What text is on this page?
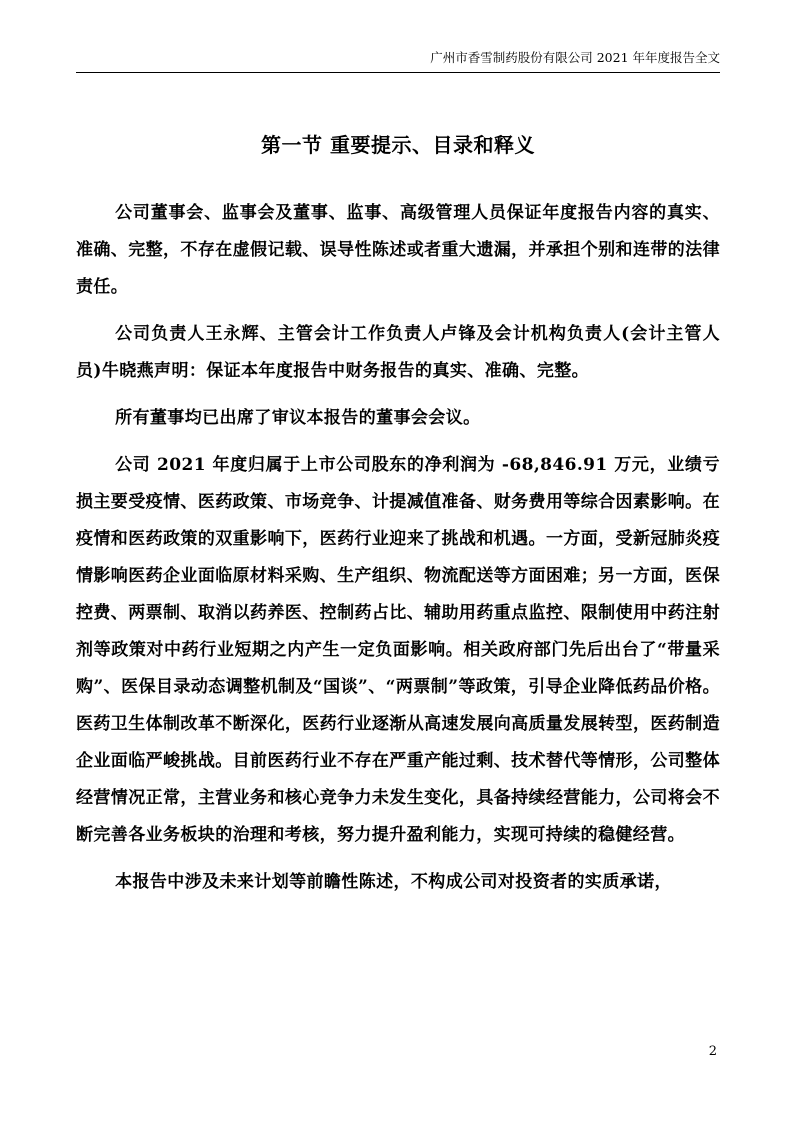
广州市香雪制药股份有限公司 2021 年年度报告全文
第一节 重要提示、目录和释义

公司董事会、监事会及董事、监事、高级管理人员保证年度报告内容的真实、准确、完整，不存在虚假记载、误导性陈述或者重大遗漏，并承担个别和连带的法律责任。

公司负责人王永辉、主管会计工作负责人卢锋及会计机构负责人(会计主管人员)牛晓燕声明：保证本年度报告中财务报告的真实、准确、完整。

所有董事均已出席了审议本报告的董事会会议。

公司 2021 年度归属于上市公司股东的净利润为 -68,846.91 万元，业绩亏损主要受疫情、医药政策、市场竞争、计提减值准备、财务费用等综合因素影响。在疫情和医药政策的双重影响下，医药行业迎来了挑战和机遇。一方面，受新冠肺炎疫情影响医药企业面临原材料采购、生产组织、物流配送等方面困难；另一方面，医保控费、两票制、取消以药养医、控制药占比、辅助用药重点监控、限制使用中药注射剂等政策对中药行业短期之内产生一定负面影响。相关政府部门先后出台了“带量采购”、医保目录动态调整机制及“国谈”、“两票制”等政策，引导企业降低药品价格。医药卫生体制改革不断深化，医药行业逐渐从高速发展向高质量发展转型，医药制造企业面临严峻挑战。目前医药行业不存在严重产能过剩、技术替代等情形，公司整体经营情况正常，主营业务和核心竞争力未发生变化，具备持续经营能力，公司将会不断完善各业务板块的治理和考核，努力提升盈利能力，实现可持续的稳健经营。

本报告中涉及未来计划等前瞻性陈述，不构成公司对投资者的实质承诺，

2
